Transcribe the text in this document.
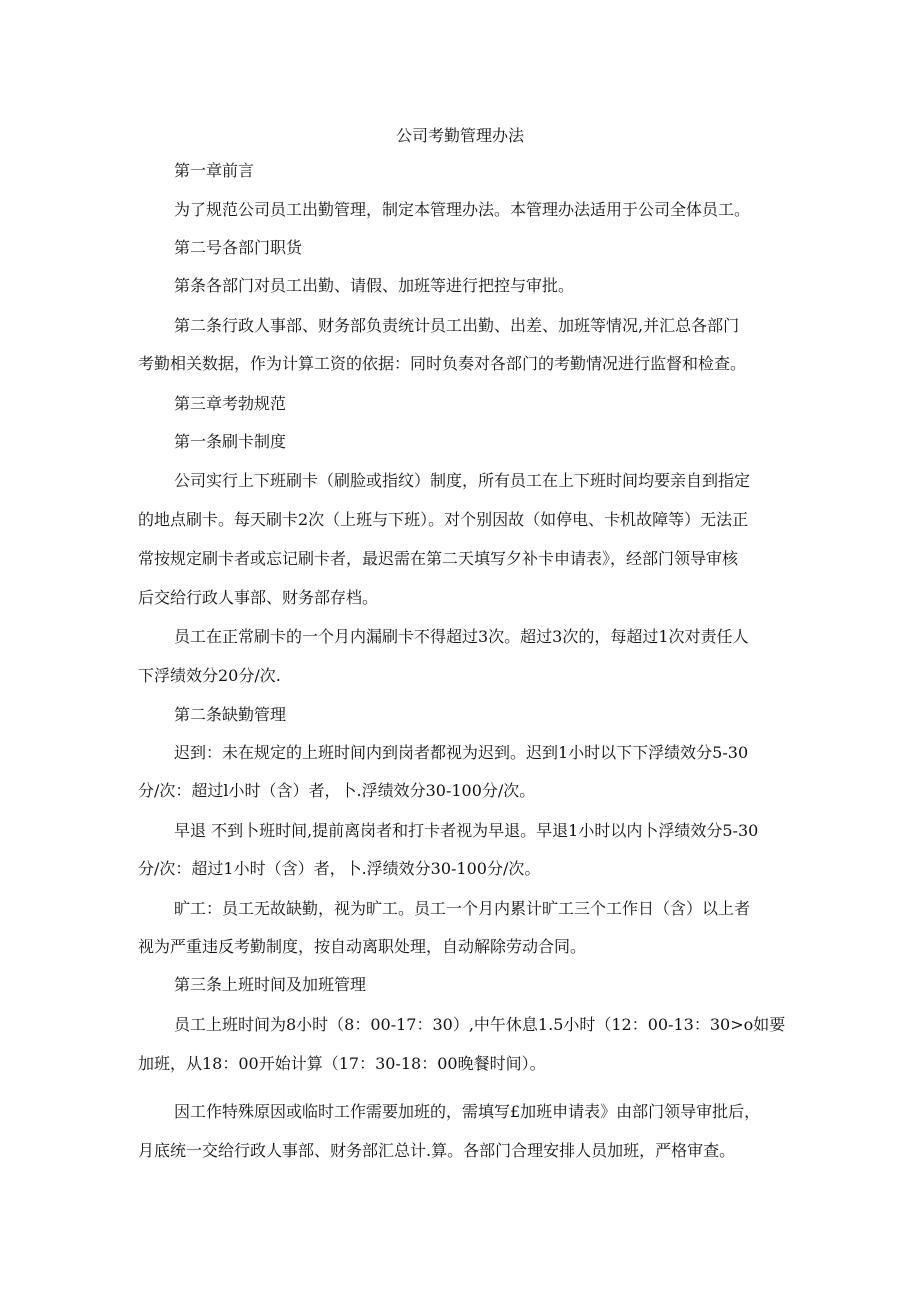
公司考勤管理办法
第一章前言
为了规范公司员工出勤管理，制定本管理办法。本管理办法适用于公司全体员工。
第二号各部门职货
第条各部门对员工出勤、请假、加班等进行把控与审批。
第二条行政人事部、财务部负责统计员工出勤、出差、加班等情况,并汇总各部门
考勤相关数据，作为计算工资的依据：同时负奏对各部门的考勤情况进行监督和检查。
第三章考勃规范
第一条刷卡制度
公司实行上下班刷卡（刷脸或指纹）制度，所有员工在上下班时间均要亲自到指定
的地点刷卡。每天刷卡2次（上班与下班）。对个别因故（如停电、卡机故障等）无法正
常按规定刷卡者或忘记刷卡者，最迟需在第二天填写夕补卡申请表》，经部门领导审核
后交给行政人事部、财务部存档。
员工在正常刷卡的一个月内漏刷卡不得超过3次。超过3次的，每超过1次对责任人
下浮绩效分20分/次.
第二条缺勤管理
迟到：未在规定的上班时间内到岗者都视为迟到。迟到1小时以下下浮绩效分5-30
分/次：超过l小时（含）者，卜.浮绩效分30-100分/次。
早退 不到卜班时间,提前离岗者和打卡者视为早退。早退1小时以内卜浮绩效分5-30
分/次：超过1小时（含）者，卜.浮绩效分30-100分/次。
旷工：员工无故缺勤，视为旷工。员工一个月内累计旷工三个工作日（含）以上者
视为严重违反考勤制度，按自动离职处理，自动解除劳动合同。
第三条上班时间及加班管理
员工上班时间为8小时（8：00-17：30）,中午休息1.5小时（12：00-13：30>o如要
加班，从18：00开始计算（17：30-18：00晚餐时间）。
因工作特殊原因或临时工作需要加班的，需填写£加班申请表》由部门领导审批后，
月底统一交给行政人事部、财务部汇总计.算。各部门合理安排人员加班，严格审查。
